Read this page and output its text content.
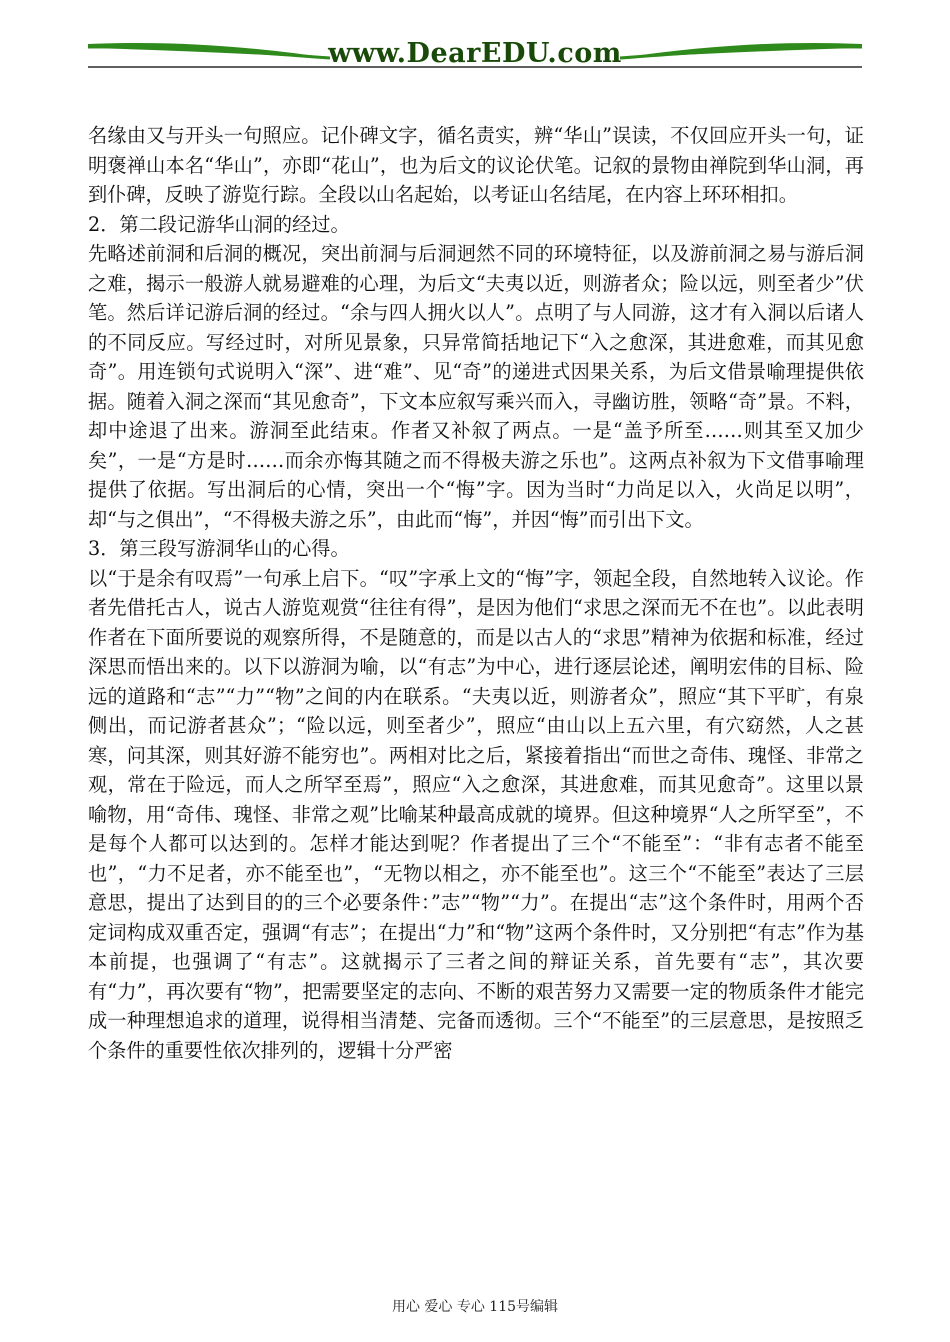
www.DearEDU.com

名缘由又与开头一句照应。记仆碑文字，循名责实，辨“华山”误读，不仅回应开头一句，证明褒禅山本名“华山”，亦即“花山”，也为后文的议论伏笔。记叙的景物由禅院到华山洞，再到仆碑，反映了游览行踪。全段以山名起始，以考证山名结尾，在内容上环环相扣。

2．第二段记游华山洞的经过。

先略述前洞和后洞的概况，突出前洞与后洞迥然不同的环境特征，以及游前洞之易与游后洞之难，揭示一般游人就易避难的心理，为后文“夫夷以近，则游者众；险以远，则至者少”伏笔。然后详记游后洞的经过。“余与四人拥火以人”。点明了与人同游，这才有入洞以后诸人的不同反应。写经过时，对所见景象，只异常简括地记下“入之愈深，其进愈难，而其见愈奇”。用连锁句式说明入“深”、进“难”、见“奇”的递进式因果关系，为后文借景喻理提供依据。随着入洞之深而“其见愈奇”，下文本应叙写乘兴而入，寻幽访胜，领略“奇”景。不料，却中途退了出来。游洞至此结束。作者又补叙了两点。一是“盖予所至……则其至又加少矣”，一是“方是时……而余亦悔其随之而不得极夫游之乐也”。这两点补叙为下文借事喻理提供了依据。写出洞后的心情，突出一个“悔”字。因为当时“力尚足以入，火尚足以明”，却“与之俱出”，“不得极夫游之乐”，由此而“悔”，并因“悔”而引出下文。

3．第三段写游洞华山的心得。

以“于是余有叹焉”一句承上启下。“叹”字承上文的“悔”字，领起全段，自然地转入议论。作者先借托古人，说古人游览观赏“往往有得”，是因为他们“求思之深而无不在也”。以此表明作者在下面所要说的观察所得，不是随意的，而是以古人的“求思”精神为依据和标准，经过深思而悟出来的。以下以游洞为喻，以“有志”为中心，进行逐层论述，阐明宏伟的目标、险远的道路和“志”“力”“物”之间的内在联系。“夫夷以近，则游者众”，照应“其下平旷，有泉侧出，而记游者甚众”；“险以远，则至者少”，照应“由山以上五六里，有穴窈然，人之甚寒，问其深，则其好游不能穷也”。两相对比之后，紧接着指出“而世之奇伟、瑰怪、非常之观，常在于险远，而人之所罕至焉”，照应“入之愈深，其进愈难，而其见愈奇”。这里以景喻物，用“奇伟、瑰怪、非常之观”比喻某种最高成就的境界。但这种境界“人之所罕至”，不是每个人都可以达到的。怎样才能达到呢？作者提出了三个“不能至”：“非有志者不能至也”，“力不足者，亦不能至也”，“无物以相之，亦不能至也”。这三个“不能至”表达了三层意思，提出了达到目的的三个必要条件：”志”“物”“力”。在提出“志”这个条件时，用两个否定词构成双重否定，强调“有志”；在提出“力”和“物”这两个条件时，又分别把“有志”作为基本前提，也强调了“有志”。这就揭示了三者之间的辩证关系，首先要有“志”，其次要有“力”，再次要有“物”，把需要坚定的志向、不断的艰苦努力又需要一定的物质条件才能完成一种理想追求的道理，说得相当清楚、完备而透彻。三个“不能至”的三层意思，是按照乏个条件的重要性依次排列的，逻辑十分严密

用心 爱心 专心 115号编辑
